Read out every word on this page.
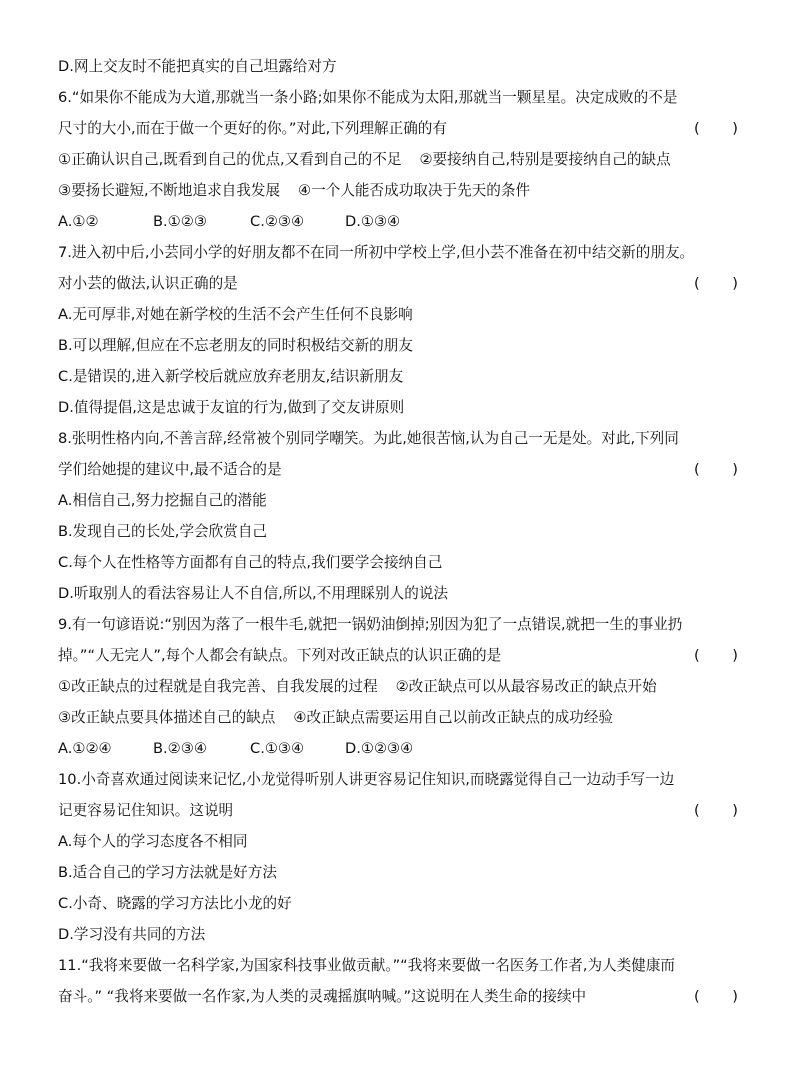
D.网上交友时不能把真实的自己坦露给对方
6.“如果你不能成为大道,那就当一条小路;如果你不能成为太阳,那就当一颗星星。决定成败的不是
尺寸的大小,而在于做一个更好的你。”对此,下列理解正确的有	( )
①正确认识自己,既看到自己的优点,又看到自己的不足 ②要接纳自己,特别是要接纳自己的缺点
③要扬长避短,不断地追求自我发展 ④一个人能否成功取决于先天的条件
A.①②	B.①②③	C.②③④	D.①③④
7.进入初中后,小芸同小学的好朋友都不在同一所初中学校上学,但小芸不准备在初中结交新的朋友。
对小芸的做法,认识正确的是	( )
A.无可厚非,对她在新学校的生活不会产生任何不良影响
B.可以理解,但应在不忘老朋友的同时积极结交新的朋友
C.是错误的,进入新学校后就应放弃老朋友,结识新朋友
D.值得提倡,这是忠诚于友谊的行为,做到了交友讲原则
8.张明性格内向,不善言辞,经常被个别同学嘲笑。为此,她很苦恼,认为自己一无是处。对此,下列同
学们给她提的建议中,最不适合的是	( )
A.相信自己,努力挖掘自己的潜能
B.发现自己的长处,学会欣赏自己
C.每个人在性格等方面都有自己的特点,我们要学会接纳自己
D.听取别人的看法容易让人不自信,所以,不用理睬别人的说法
9.有一句谚语说:“别因为落了一根牛毛,就把一锅奶油倒掉;别因为犯了一点错误,就把一生的事业扔
掉。”“人无完人”,每个人都会有缺点。下列对改正缺点的认识正确的是	( )
①改正缺点的过程就是自我完善、自我发展的过程 ②改正缺点可以从最容易改正的缺点开始
③改正缺点要具体描述自己的缺点 ④改正缺点需要运用自己以前改正缺点的成功经验
A.①②④	B.②③④	C.①③④	D.①②③④
10.小奇喜欢通过阅读来记忆,小龙觉得听别人讲更容易记住知识,而晓露觉得自己一边动手写一边
记更容易记住知识。这说明	( )
A.每个人的学习态度各不相同
B.适合自己的学习方法就是好方法
C.小奇、晓露的学习方法比小龙的好
D.学习没有共同的方法
11.“我将来要做一名科学家,为国家科技事业做贡献。”“我将来要做一名医务工作者,为人类健康而
奋斗。” “我将来要做一名作家,为人类的灵魂摇旗呐喊。”这说明在人类生命的接续中	( )
